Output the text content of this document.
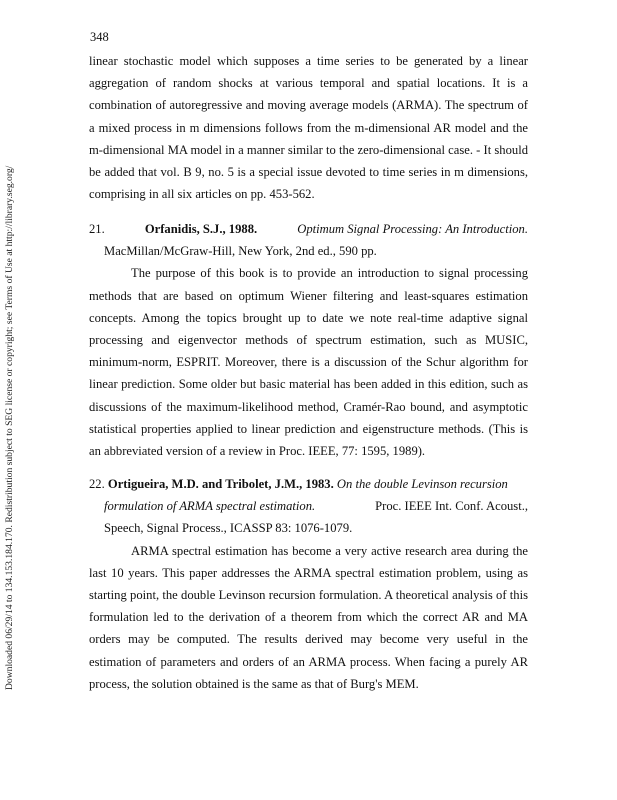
348
Downloaded 06/29/14 to 134.153.184.170. Redistribution subject to SEG license or copyright; see Terms of Use at http://library.seg.org/
linear stochastic model which supposes a time series to be generated by a linear aggregation of random shocks at various temporal and spatial locations. It is a combination of autoregressive and moving average models (ARMA). The spectrum of a mixed process in m dimensions follows from the m-dimensional AR model and the m-dimensional MA model in a manner similar to the zero-dimensional case. - It should be added that vol. B 9, no. 5 is a special issue devoted to time series in m dimensions, comprising in all six articles on pp. 453-562.
21.	Orfanidis, S.J., 1988.	Optimum Signal Processing: An Introduction.
MacMillan/McGraw-Hill, New York, 2nd ed., 590 pp.
The purpose of this book is to provide an introduction to signal processing methods that are based on optimum Wiener filtering and least-squares estimation concepts. Among the topics brought up to date we note real-time adaptive signal processing and eigenvector methods of spectrum estimation, such as MUSIC, minimum-norm, ESPRIT. Moreover, there is a discussion of the Schur algorithm for linear prediction. Some older but basic material has been added in this edition, such as discussions of the maximum-likelihood method, Cramér-Rao bound, and asymptotic statistical properties applied to linear prediction and eigenstructure methods. (This is an abbreviated version of a review in Proc. IEEE, 77: 1595, 1989).
22. Ortigueira, M.D. and Tribolet, J.M., 1983. On the double Levinson recursion
formulation of ARMA spectral estimation.	Proc. IEEE Int. Conf. Acoust.,
Speech, Signal Process., ICASSP 83: 1076-1079.
ARMA spectral estimation has become a very active research area during the last 10 years. This paper addresses the ARMA spectral estimation problem, using as starting point, the double Levinson recursion formulation. A theoretical analysis of this formulation led to the derivation of a theorem from which the correct AR and MA orders may be computed. The results derived may become very useful in the estimation of parameters and orders of an ARMA process. When facing a purely AR process, the solution obtained is the same as that of Burg's MEM.
